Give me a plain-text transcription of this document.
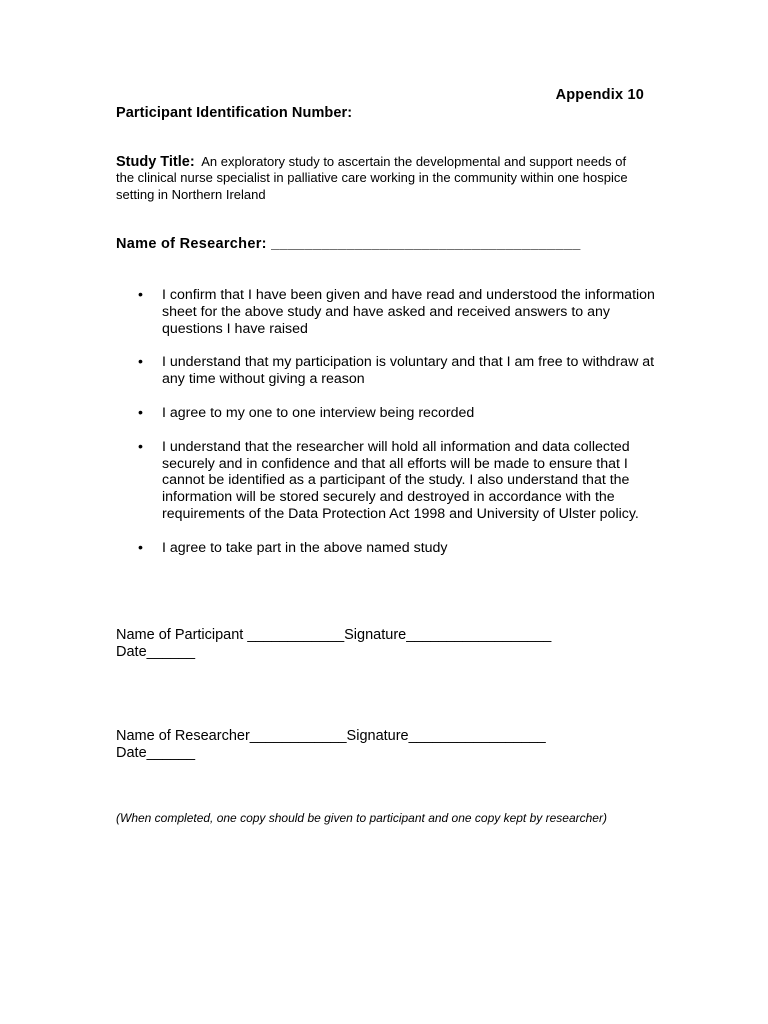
Appendix 10
Participant Identification Number:
Study Title: An exploratory study to ascertain the developmental and support needs of the clinical nurse specialist in palliative care working in the community within one hospice setting in Northern Ireland
Name of Researcher: _____________________________________
• I confirm that I have been given and have read and understood the information sheet for the above study and have asked and received answers to any questions I have raised
• I understand that my participation is voluntary and that I am free to withdraw at any time without giving a reason
• I agree to my one to one interview being recorded
• I understand that the researcher will hold all information and data collected securely and in confidence and that all efforts will be made to ensure that I cannot be identified as a participant of the study. I also understand that the information will be stored securely and destroyed in accordance with the requirements of the Data Protection Act 1998 and University of Ulster policy.
• I agree to take part in the above named study
Name of Participant ____________Signature__________________
Date______
Name of Researcher____________Signature_________________
Date______
(When completed, one copy should be given to participant and one copy kept by researcher)
